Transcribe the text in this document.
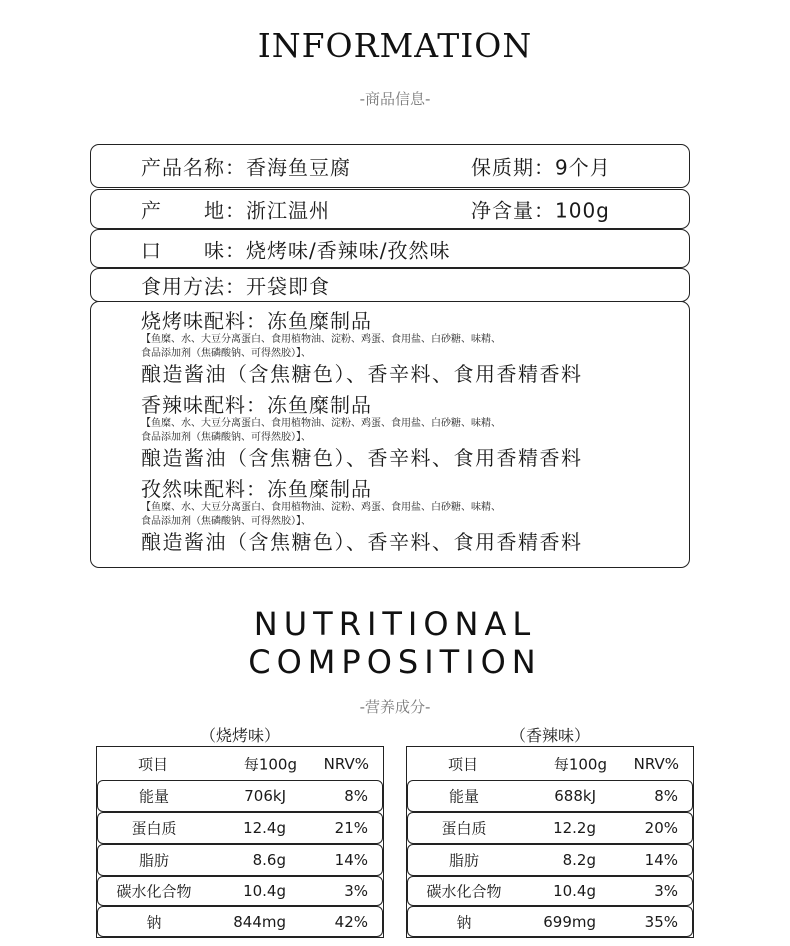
INFORMATION
-商品信息-
产品名称：香海鱼豆腐	保质期：9个月
产　　地：浙江温州	净含量：100g
口　　味：烧烤味/香辣味/孜然味
食用方法：开袋即食
烧烤味配料：冻鱼糜制品
【鱼糜、水、大豆分离蛋白、食用植物油、淀粉、鸡蛋、食用盐、白砂糖、味精、
食品添加剂（焦磷酸钠、可得然胶）】、
酿造酱油（含焦糖色）、香辛料、食用香精香料
香辣味配料：冻鱼糜制品
【鱼糜、水、大豆分离蛋白、食用植物油、淀粉、鸡蛋、食用盐、白砂糖、味精、
食品添加剂（焦磷酸钠、可得然胶）】、
酿造酱油（含焦糖色）、香辛料、食用香精香料
孜然味配料：冻鱼糜制品
【鱼糜、水、大豆分离蛋白、食用植物油、淀粉、鸡蛋、食用盐、白砂糖、味精、
食品添加剂（焦磷酸钠、可得然胶）】、
酿造酱油（含焦糖色）、香辛料、食用香精香料
NUTRITIONAL
COMPOSITION
-营养成分-
（烧烤味）	（香辣味）
项目	每100g NRV%
能量	706kJ	8%
蛋白质	12.4g	21%
脂肪	8.6g	14%
碳水化合物	10.4g	3%
钠	844mg	42%
项目	每100g NRV%
能量	688kJ	8%
蛋白质	12.2g	20%
脂肪	8.2g	14%
碳水化合物	10.4g	3%
钠	699mg	35%
